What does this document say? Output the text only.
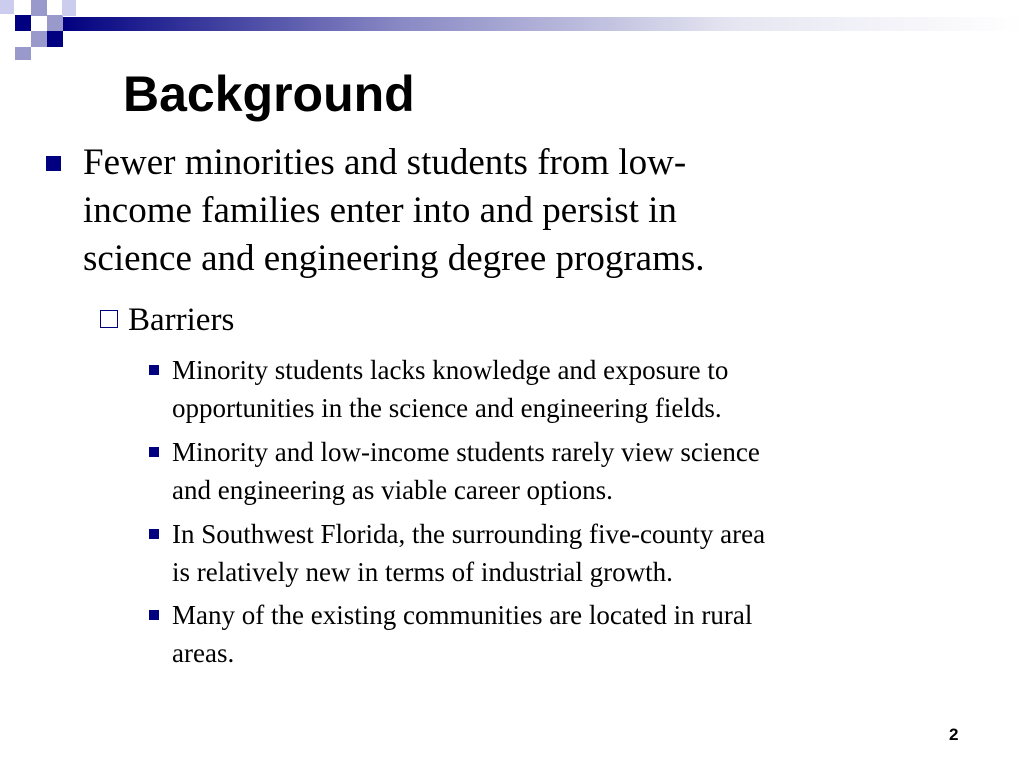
Background
Fewer minorities and students from low-
income families enter into and persist in
science and engineering degree programs.
Barriers
Minority students lacks knowledge and exposure to
opportunities in the science and engineering fields.
Minority and low-income students rarely view science
and engineering as viable career options.
In Southwest Florida, the surrounding five-county area
is relatively new in terms of industrial growth.
Many of the existing communities are located in rural
areas.
2
